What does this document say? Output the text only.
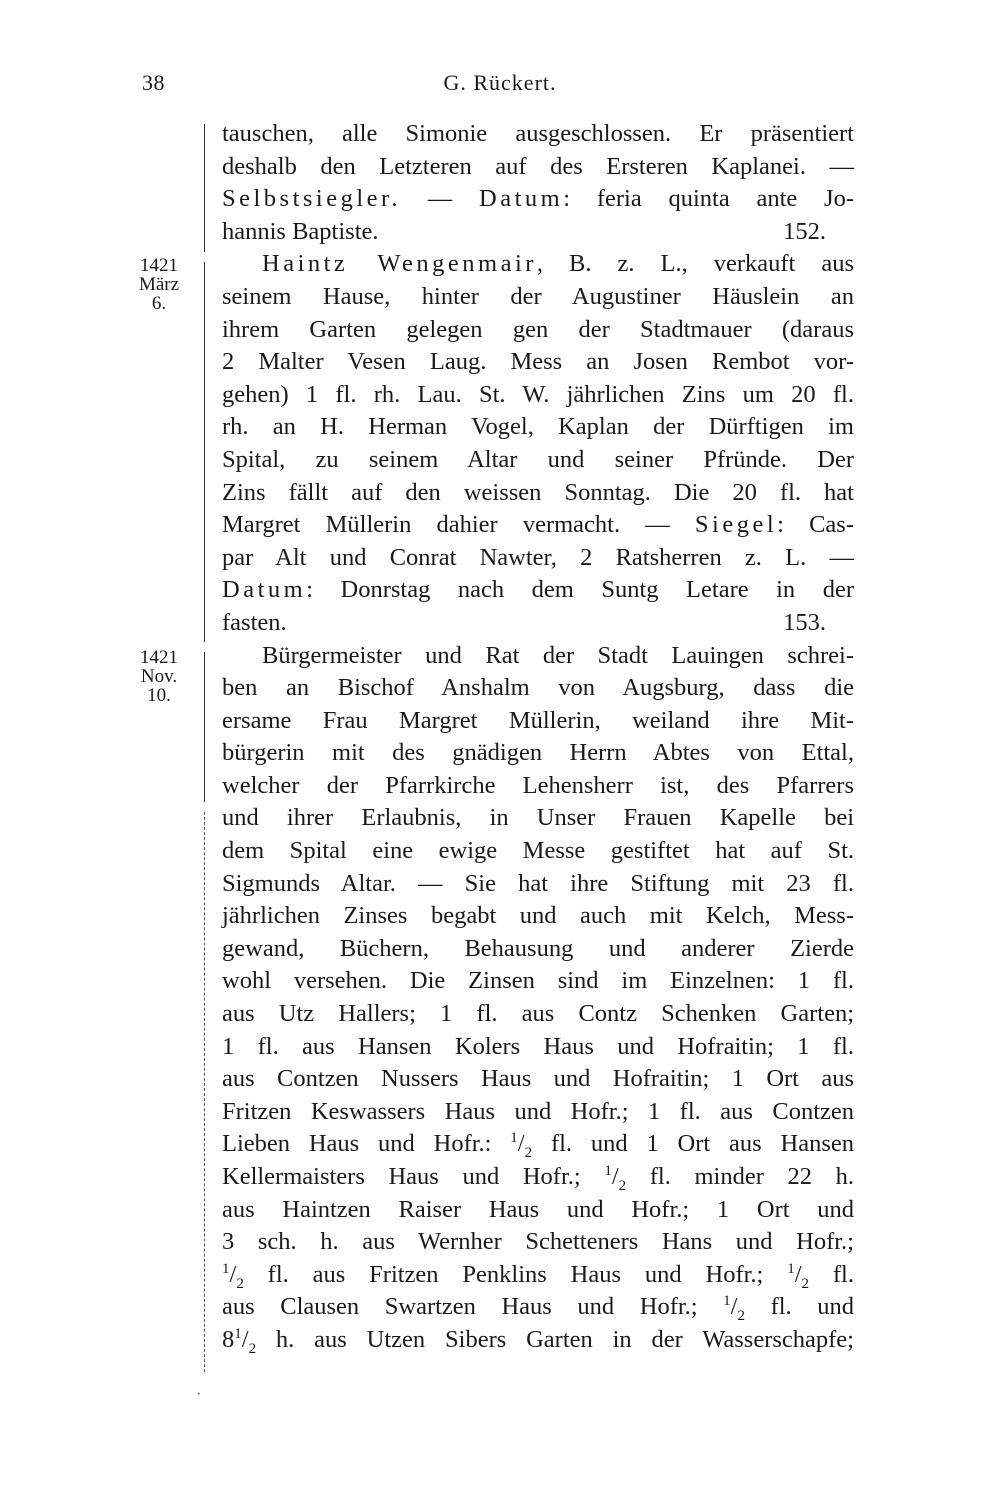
38	G. Rückert.
·
tauschen, alle Simonie ausgeschlossen. Er präsentiert
deshalb den Letzteren auf des Ersteren Kaplanei. —
Selbstsiegler. — Datum: feria quinta ante Jo-
hannis Baptiste.	152.
1421
März
6.
Haintz Wengenmair, B. z. L., verkauft aus
seinem Hause, hinter der Augustiner Häuslein an
ihrem Garten gelegen gen der Stadtmauer (daraus
2 Malter Vesen Laug. Mess an Josen Rembot vor-
gehen) 1 fl. rh. Lau. St. W. jährlichen Zins um 20 fl.
rh. an H. Herman Vogel, Kaplan der Dürftigen im
Spital, zu seinem Altar und seiner Pfründe. Der
Zins fällt auf den weissen Sonntag. Die 20 fl. hat
Margret Müllerin dahier vermacht. — Siegel: Cas-
par Alt und Conrat Nawter, 2 Ratsherren z. L. —
Datum: Donrstag nach dem Suntg Letare in der
fasten.	153.
1421
Nov.
10.
Bürgermeister und Rat der Stadt Lauingen schrei-
ben an Bischof Anshalm von Augsburg, dass die
ersame Frau Margret Müllerin, weiland ihre Mit-
bürgerin mit des gnädigen Herrn Abtes von Ettal,
welcher der Pfarrkirche Lehensherr ist, des Pfarrers
und ihrer Erlaubnis, in Unser Frauen Kapelle bei
dem Spital eine ewige Messe gestiftet hat auf St.
Sigmunds Altar. — Sie hat ihre Stiftung mit 23 fl.
jährlichen Zinses begabt und auch mit Kelch, Mess-
gewand, Büchern, Behausung und anderer Zierde
wohl versehen. Die Zinsen sind im Einzelnen: 1 fl.
aus Utz Hallers; 1 fl. aus Contz Schenken Garten;
1 fl. aus Hansen Kolers Haus und Hofraitin; 1 fl.
aus Contzen Nussers Haus und Hofraitin; 1 Ort aus
Fritzen Keswassers Haus und Hofr.; 1 fl. aus Contzen
Lieben Haus und Hofr.: $^1/_2$ fl. und 1 Ort aus Hansen
Kellermaisters Haus und Hofr.; $^1/_2$ fl. minder 22 h.
aus Haintzen Raiser Haus und Hofr.; 1 Ort und
3 sch. h. aus Wernher Schetteners Hans und Hofr.;
$^1/_2$ fl. aus Fritzen Penklins Haus und Hofr.; $^1/_2$ fl.
aus Clausen Swartzen Haus und Hofr.; $^1/_2$ fl. und
$8^1/_2$ h. aus Utzen Sibers Garten in der Wasserschapfe;
